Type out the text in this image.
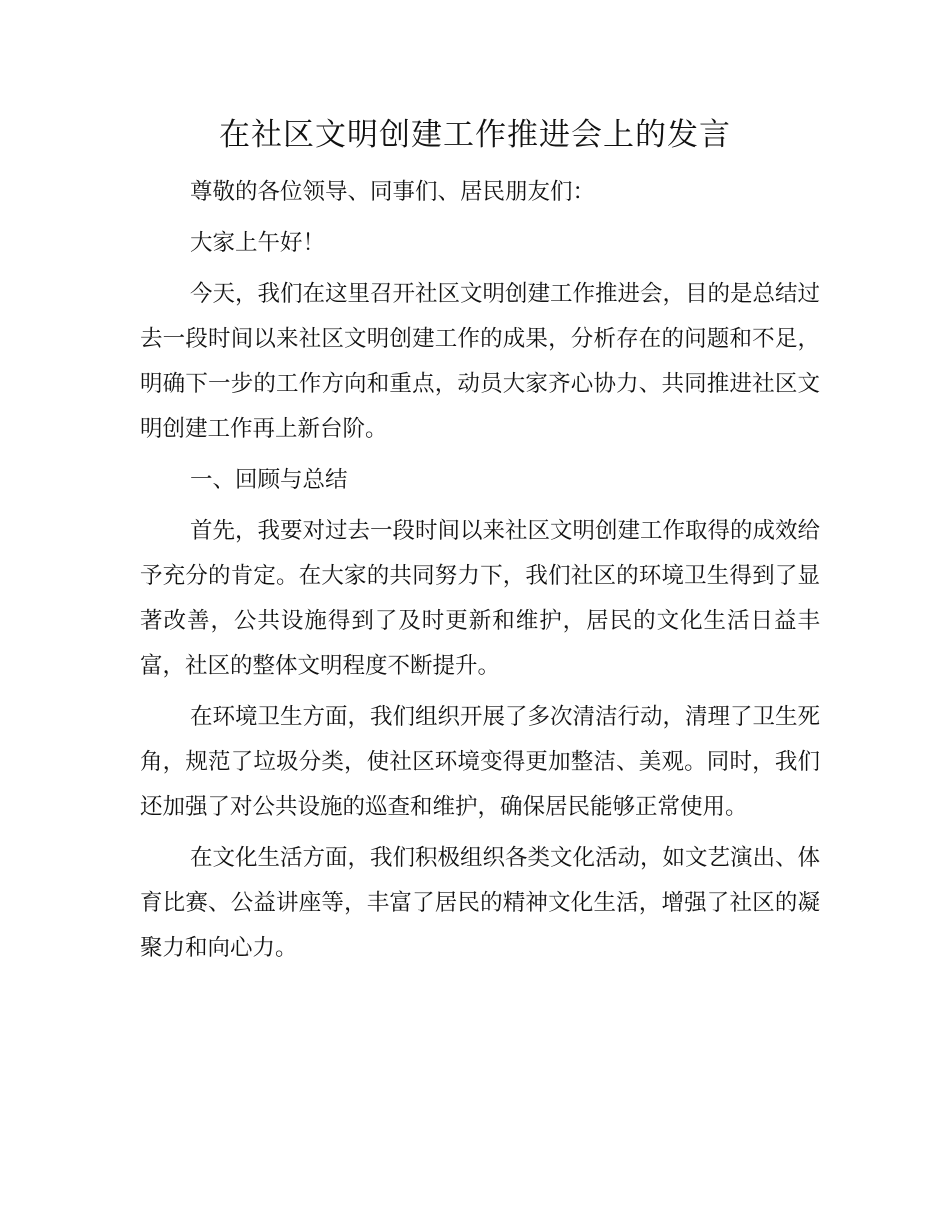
在社区文明创建工作推进会上的发言

尊敬的各位领导、同事们、居民朋友们：

大家上午好！

今天，我们在这里召开社区文明创建工作推进会，目的是总结过去一段时间以来社区文明创建工作的成果，分析存在的问题和不足，明确下一步的工作方向和重点，动员大家齐心协力、共同推进社区文明创建工作再上新台阶。

一、回顾与总结

首先，我要对过去一段时间以来社区文明创建工作取得的成效给予充分的肯定。在大家的共同努力下，我们社区的环境卫生得到了显著改善，公共设施得到了及时更新和维护，居民的文化生活日益丰富，社区的整体文明程度不断提升。

在环境卫生方面，我们组织开展了多次清洁行动，清理了卫生死角，规范了垃圾分类，使社区环境变得更加整洁、美观。同时，我们还加强了对公共设施的巡查和维护，确保居民能够正常使用。

在文化生活方面，我们积极组织各类文化活动，如文艺演出、体育比赛、公益讲座等，丰富了居民的精神文化生活，增强了社区的凝聚力和向心力。
